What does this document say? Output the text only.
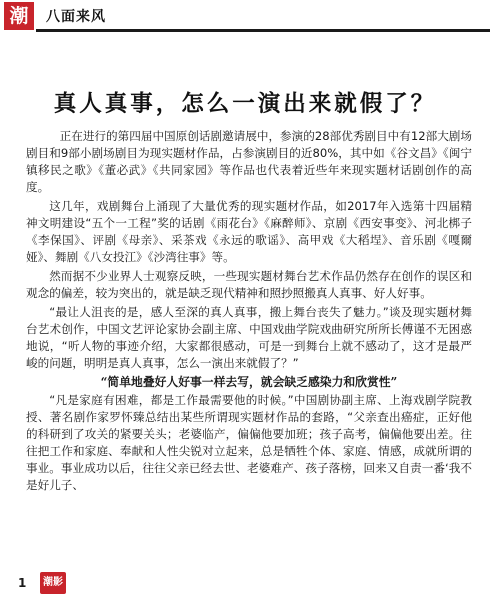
潮	八面来风
真人真事，怎么一演出来就假了？

正在进行的第四届中国原创话剧邀请展中，参演的28部优秀剧目中有12部大剧场剧目和9部小剧场剧目为现实题材作品，占参演剧目的近80%，其中如《谷文昌》《闽宁镇移民之歌》《董必武》《共同家园》等作品也代表着近些年来现实题材话剧创作的高度。

这几年，戏剧舞台上涌现了大量优秀的现实题材作品，如2017年入选第十四届精神文明建设“五个一工程”奖的话剧《雨花台》《麻醉师》、京剧《西安事变》、河北梆子《李保国》、评剧《母亲》、采茶戏《永远的歌谣》、高甲戏《大稻埕》、音乐剧《嘎爾娅》、舞剧《八女投江》《沙湾往事》等。

然而据不少业界人士观察反映，一些现实题材舞台艺术作品仍然存在创作的误区和观念的偏差，较为突出的，就是缺乏现代精神和照抄照搬真人真事、好人好事。

“最让人沮丧的是，感人至深的真人真事，搬上舞台丧失了魅力。”谈及现实题材舞台艺术创作，中国文艺评论家协会副主席、中国戏曲学院戏曲研究所所长傅谨不无困惑地说，“听人物的事迹介绍，大家都很感动，可是一到舞台上就不感动了，这才是最严峻的问题，明明是真人真事，怎么一演出来就假了？”

“简单地叠好人好事一样去写，就会缺乏感染力和欣赏性”

“凡是家庭有困难，都是工作最需要他的时候。”中国剧协副主席、上海戏剧学院教授、著名剧作家罗怀臻总结出某些所谓现实题材作品的套路，“父亲查出癌症，正好他的科研到了攻关的紧要关头；老婆临产，偏偏他要加班；孩子高考，偏偏他要出差。往往把工作和家庭、奉献和人性尖锐对立起来，总是牺牲个体、家庭、情感，成就所谓的事业。事业成功以后，往往父亲已经去世、老婆难产、孩子落榜，回来又自责一番‘我不是好儿子、

1	潮影
